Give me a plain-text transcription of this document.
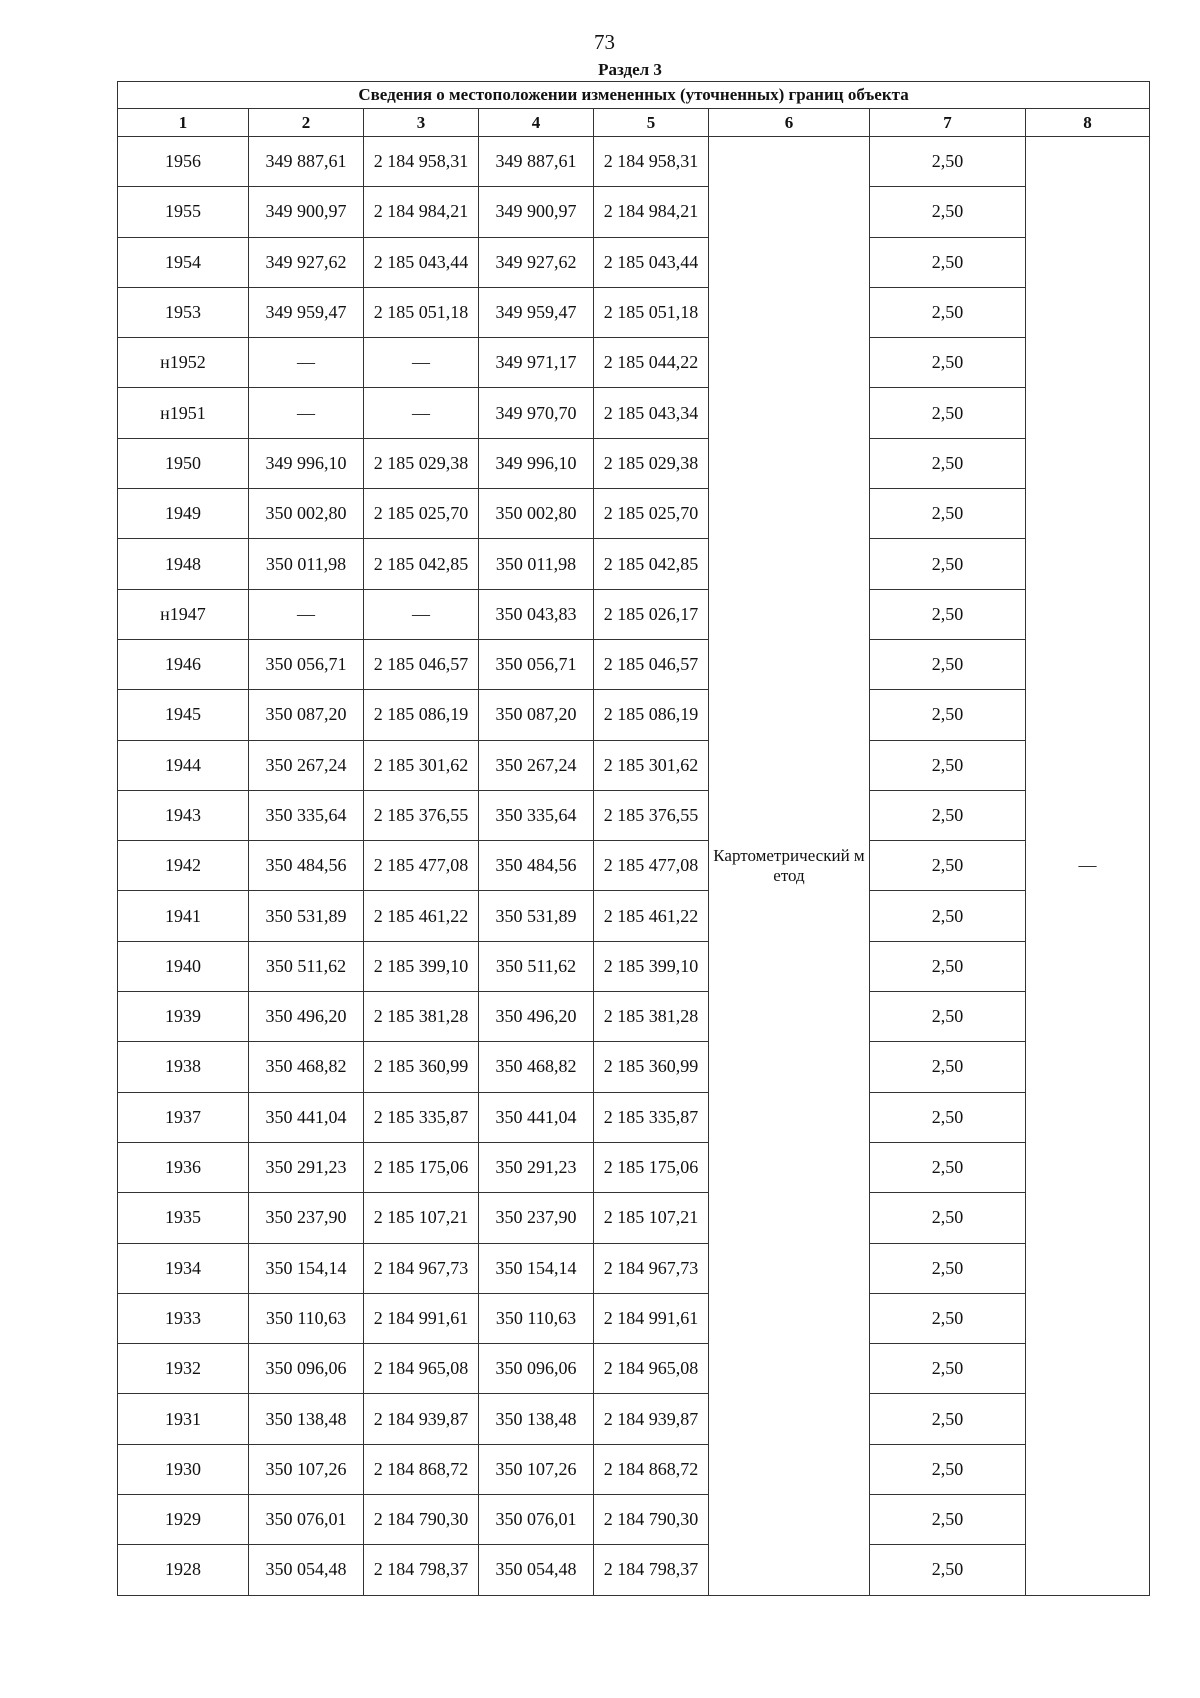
73
Раздел 3
Сведения о местоположении измененных (уточненных) границ объекта							
1	2	3	4	5	6	7	8
1956	349 887,61	2 184 958,31	349 887,61	2 184 958,31	Картометрический метод	2,50	—
1955	349 900,97	2 184 984,21	349 900,97	2 184 984,21		2,50	
1954	349 927,62	2 185 043,44	349 927,62	2 185 043,44		2,50	
1953	349 959,47	2 185 051,18	349 959,47	2 185 051,18		2,50	
н1952	—	—	349 971,17	2 185 044,22		2,50	
н1951	—	—	349 970,70	2 185 043,34		2,50	
1950	349 996,10	2 185 029,38	349 996,10	2 185 029,38		2,50	
1949	350 002,80	2 185 025,70	350 002,80	2 185 025,70		2,50	
1948	350 011,98	2 185 042,85	350 011,98	2 185 042,85		2,50	
н1947	—	—	350 043,83	2 185 026,17		2,50	
1946	350 056,71	2 185 046,57	350 056,71	2 185 046,57		2,50	
1945	350 087,20	2 185 086,19	350 087,20	2 185 086,19		2,50	
1944	350 267,24	2 185 301,62	350 267,24	2 185 301,62		2,50	
1943	350 335,64	2 185 376,55	350 335,64	2 185 376,55		2,50	
1942	350 484,56	2 185 477,08	350 484,56	2 185 477,08		2,50	
1941	350 531,89	2 185 461,22	350 531,89	2 185 461,22		2,50	
1940	350 511,62	2 185 399,10	350 511,62	2 185 399,10		2,50	
1939	350 496,20	2 185 381,28	350 496,20	2 185 381,28		2,50	
1938	350 468,82	2 185 360,99	350 468,82	2 185 360,99		2,50	
1937	350 441,04	2 185 335,87	350 441,04	2 185 335,87		2,50	
1936	350 291,23	2 185 175,06	350 291,23	2 185 175,06		2,50	
1935	350 237,90	2 185 107,21	350 237,90	2 185 107,21		2,50	
1934	350 154,14	2 184 967,73	350 154,14	2 184 967,73		2,50	
1933	350 110,63	2 184 991,61	350 110,63	2 184 991,61		2,50	
1932	350 096,06	2 184 965,08	350 096,06	2 184 965,08		2,50	
1931	350 138,48	2 184 939,87	350 138,48	2 184 939,87		2,50	
1930	350 107,26	2 184 868,72	350 107,26	2 184 868,72		2,50	
1929	350 076,01	2 184 790,30	350 076,01	2 184 790,30		2,50	
1928	350 054,48	2 184 798,37	350 054,48	2 184 798,37		2,50	
